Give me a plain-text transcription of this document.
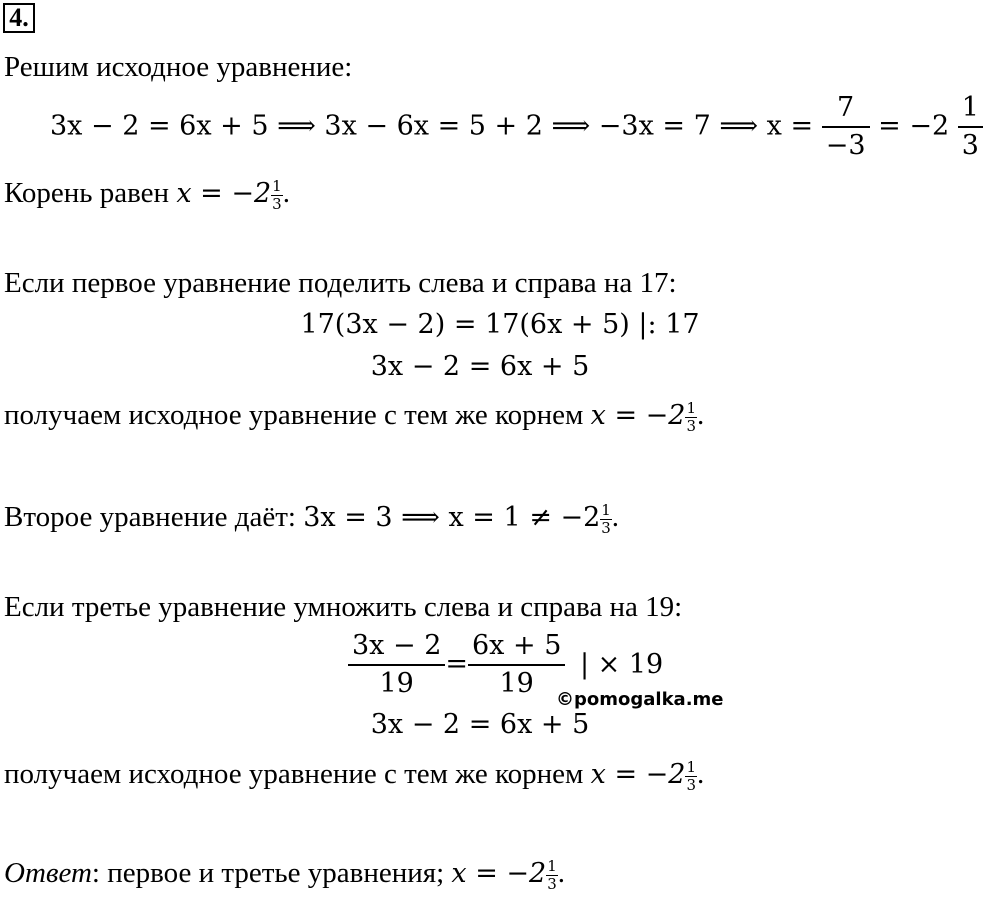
4.
Решим исходное уравнение:
3x − 2 = 6x + 5 ⟹ 3x − 6x = 5 + 2 ⟹ −3x = 7 ⟹ $x = \frac{7}{-3} = -2 \frac{1}{3}$
Корень равен $x = -2 \frac{1}{3}$ .
Если первое уравнение поделить слева и справа на 17:
17(3x − 2) = 17(6x + 5) |: 17
3x − 2 = 6x + 5
получаем исходное уравнение с тем же корнем $x = -2 \frac{1}{3}$ .
Второе уравнение даёт: 3x = 3 ⟹ $x = 1 \ne -2 \frac{1}{3}$ .
Если третье уравнение умножить слева и справа на 19:
$\frac{3x - 2}{19} = \frac{6x + 5}{19}$ | × 19
©pomogalka.me
3x − 2 = 6x + 5
получаем исходное уравнение с тем же корнем $x = -2 \frac{1}{3}$ .
Ответ: первое и третье уравнения; $x = -2 \frac{1}{3}$ .
